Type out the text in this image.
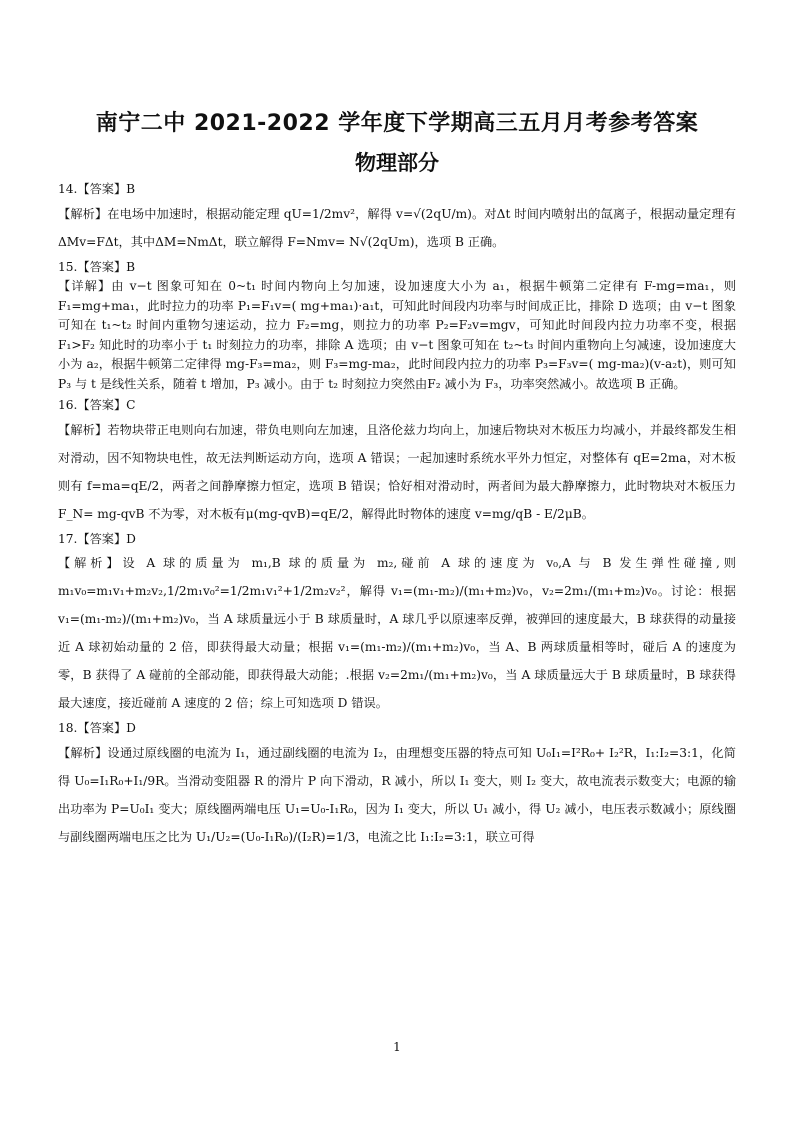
南宁二中 2021-2022 学年度下学期高三五月月考参考答案
物理部分

14.【答案】B

【解析】在电场中加速时，根据动能定理 qU=1/2mv²，解得 v=√(2qU/m)。对Δt 时间内喷射出的氙离子，根据动量定理有ΔMv=FΔt，其中ΔM=NmΔt，联立解得 F=Nmv= N√(2qUm)，选项 B 正确。

15.【答案】B

【详解】由 v−t 图象可知在 0~t₁ 时间内物向上匀加速，设加速度大小为 a₁，根据牛顿第二定律有 F-mg=ma₁，则 F₁=mg+ma₁，此时拉力的功率 P₁=F₁v=( mg+ma₁)·a₁t，可知此时间段内功率与时间成正比，排除 D 选项；由 v−t 图象可知在 t₁~t₂ 时间内重物匀速运动，拉力 F₂=mg，则拉力的功率 P₂=F₂v=mgv，可知此时间段内拉力功率不变，根据 F₁>F₂ 知此时的功率小于 t₁ 时刻拉力的功率，排除 A 选项；由 v−t 图象可知在 t₂~t₃ 时间内重物向上匀减速，设加速度大小为 a₂，根据牛顿第二定律得 mg-F₃=ma₂，则 F₃=mg-ma₂，此时间段内拉力的功率 P₃=F₃v=( mg-ma₂)(v-a₂t)，则可知 P₃ 与 t 是线性关系，随着 t 增加，P₃ 减小。由于 t₂ 时刻拉力突然由F₂ 减小为 F₃，功率突然减小。故选项 B 正确。

16.【答案】C

【解析】若物块带正电则向右加速，带负电则向左加速，且洛伦兹力均向上，加速后物块对木板压力均减小，并最终都发生相对滑动，因不知物块电性，故无法判断运动方向，选项 A 错误；一起加速时系统水平外力恒定，对整体有 qE=2ma，对木板则有 f=ma=qE/2，两者之间静摩擦力恒定，选项 B 错误；恰好相对滑动时，两者间为最大静摩擦力，此时物块对木板压力 F_N= mg-qvB 不为零，对木板有μ(mg-qvB)=qE/2，解得此时物体的速度 v=mg/qB - E/2μB。

17.【答案】D

【解析】设 A 球的质量为 m₁,B 球的质量为 m₂,碰前 A 球的速度为 v₀,A 与 B 发生弹性碰撞,则 m₁v₀=m₁v₁+m₂v₂,1/2m₁v₀²=1/2m₁v₁²+1/2m₂v₂²，解得 v₁=(m₁-m₂)/(m₁+m₂)v₀，v₂=2m₁/(m₁+m₂)v₀。讨论：根据 v₁=(m₁-m₂)/(m₁+m₂)v₀，当 A 球质量远小于 B 球质量时，A 球几乎以原速率反弹，被弹回的速度最大，B 球获得的动量接近 A 球初始动量的 2 倍，即获得最大动量；根据 v₁=(m₁-m₂)/(m₁+m₂)v₀，当 A、B 两球质量相等时，碰后 A 的速度为零，B 获得了 A 碰前的全部动能，即获得最大动能；.根据 v₂=2m₁/(m₁+m₂)v₀，当 A 球质量远大于 B 球质量时，B 球获得最大速度，接近碰前 A 速度的 2 倍；综上可知选项 D 错误。

18.【答案】D

【解析】设通过原线圈的电流为 I₁，通过副线圈的电流为 I₂，由理想变压器的特点可知 U₀I₁=I²R₀+ I₂²R，I₁:I₂=3:1，化简得 U₀=I₁R₀+I₁/9R。当滑动变阻器 R 的滑片 P 向下滑动，R 减小，所以 I₁ 变大，则 I₂ 变大，故电流表示数变大；电源的输出功率为 P=U₀I₁ 变大；原线圈两端电压 U₁=U₀-I₁R₀，因为 I₁ 变大，所以 U₁ 减小，得 U₂ 减小，电压表示数减小；原线圈与副线圈两端电压之比为 U₁/U₂=(U₀-I₁R₀)/(I₂R)=1/3，电流之比 I₁:I₂=3:1，联立可得

1
